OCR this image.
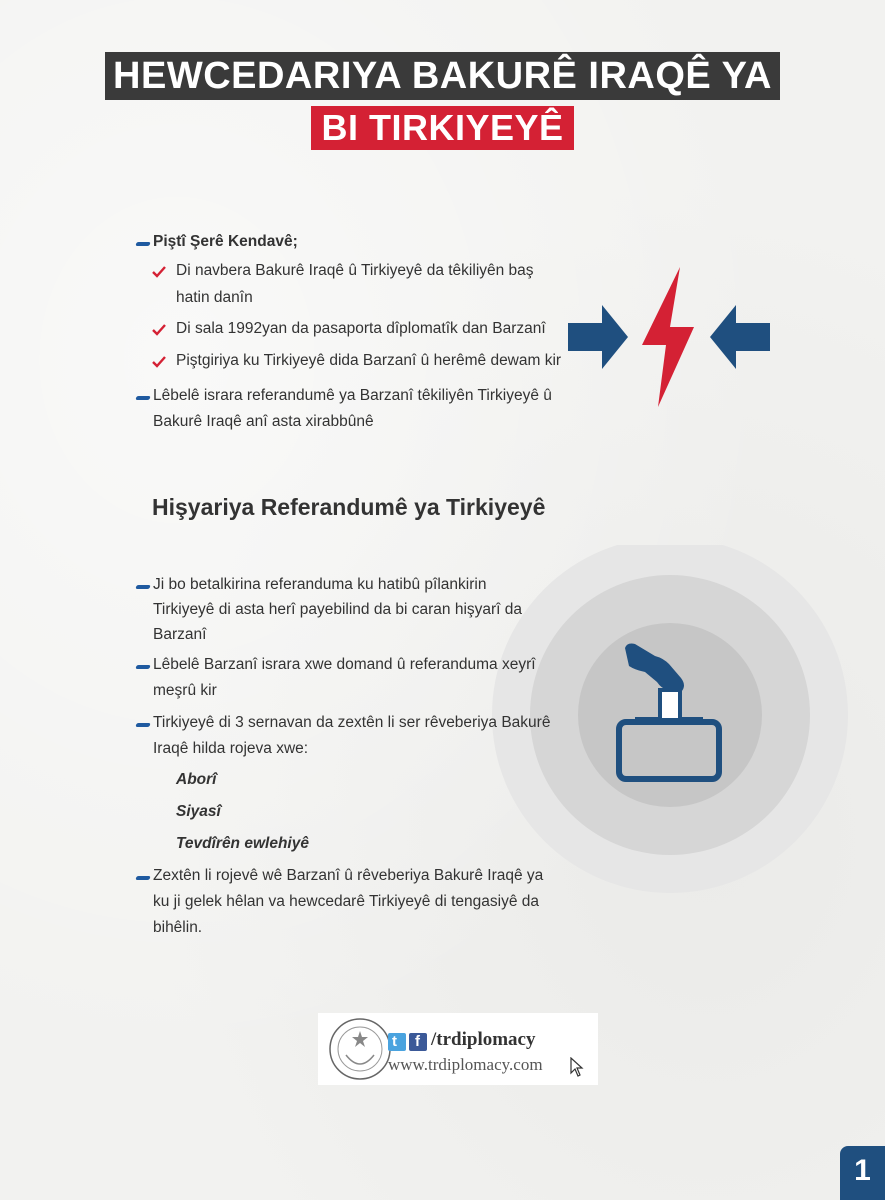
HEWCEDARIYA BAKURÊ IRAQÊ YA
BI TIRKIYEYÊ
Piştî Şerê Kendavê;
Di navbera Bakurê Iraqê û Tirkiyeyê da têkiliyên baş
hatin danîn
Di sala 1992yan da pasaporta dîplomatîk dan Barzanî
Piştgiriya ku Tirkiyeyê dida Barzanî û herêmê dewam kir
Lêbelê israra referandumê ya Barzanî têkiliyên Tirkiyeyê û
Bakurê Iraqê anî asta xirabbûnê
Hişyariya Referandumê ya Tirkiyeyê
Ji bo betalkirina referanduma ku hatibû pîlankirin
Tirkiyeyê di asta herî payebilind da bi caran hişyarî da
Barzanî
Lêbelê Barzanî israra xwe domand û referanduma xeyrî
meşrû kir
Tirkiyeyê di 3 sernavan da zextên li ser rêveberiya Bakurê
Iraqê hilda rojeva xwe:
Aborî
Siyasî
Tevdîrên ewlehiyê
Zextên li rojevê wê Barzanî û rêveberiya Bakurê Iraqê ya
ku ji gelek hêlan va hewcedarê Tirkiyeyê di tengasiyê da
bihêlin.
t f /trdiplomacy
www.trdiplomacy.com
1
